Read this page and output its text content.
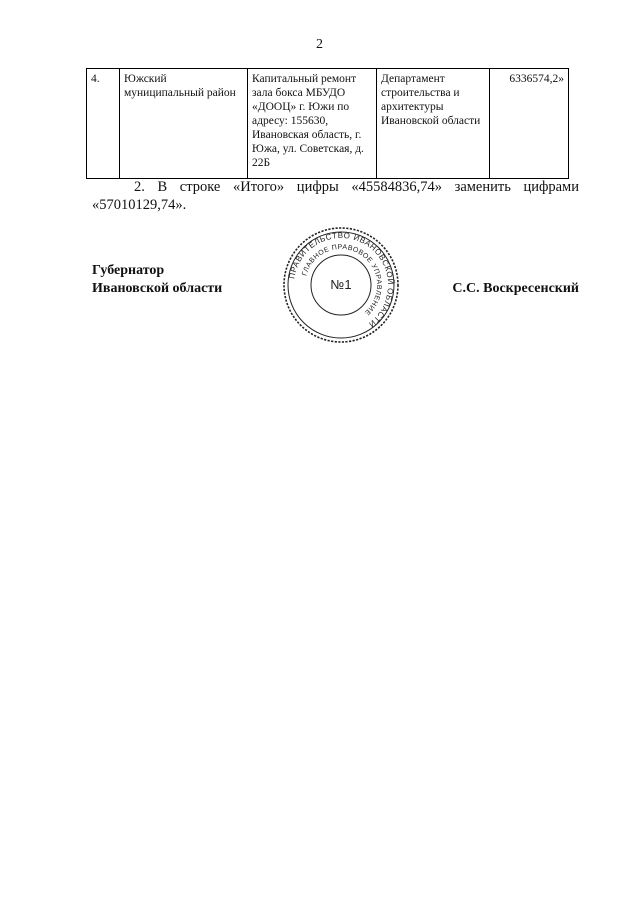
2
4.	Южский муниципальный район	Капитальный ремонт зала бокса МБУДО «ДООЦ» г. Южи по адресу: 155630, Ивановская область, г. Южа, ул. Советская, д. 22Б	Департамент строительства и архитектуры Ивановской области	6336574,2»
2. В строке «Итого» цифры «45584836,74» заменить цифрами «57010129,74».
Губернатор
Ивановской области	С.С. Воскресенский
ПРАВИТЕЛЬСТВО ИВАНОВСКОЙ ОБЛАСТИ
ГЛАВНОЕ ПРАВОВОЕ УПРАВЛЕНИЕ
№1
